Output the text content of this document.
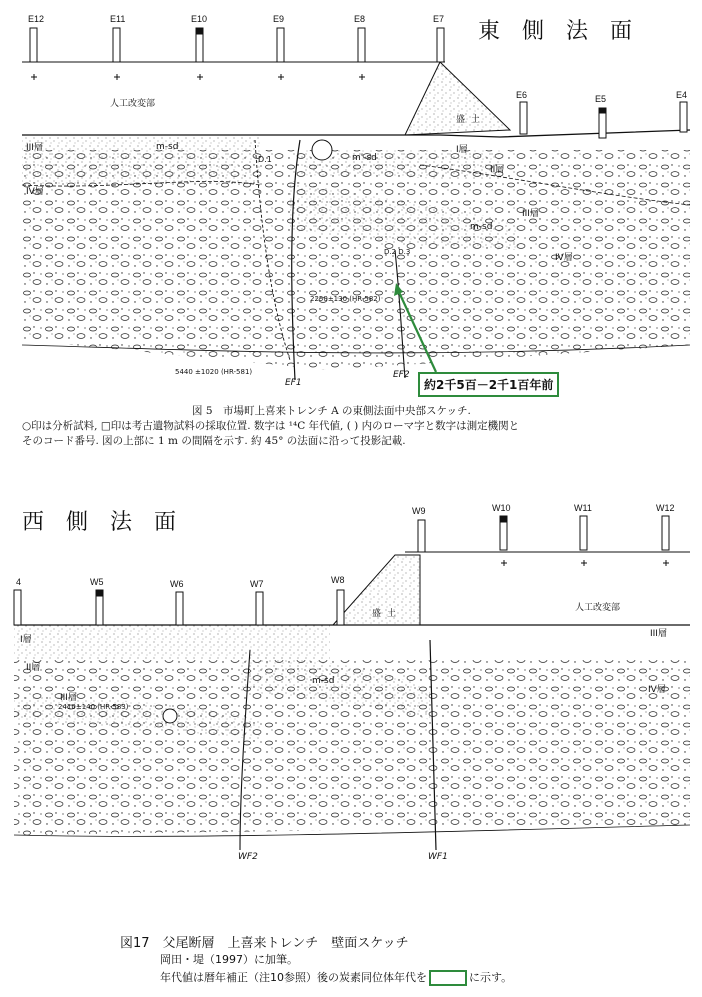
E12	E11	E10	E9	E8	E7
E6	E5	E4
東側法面
人工改変部
盛土
III層
IV層
I層
II層
III層
IV層
m-sd
m'-sd
m-sd
D.1
D.2 D.3
2250±130 (HR-582)
5440 ±1020 (HR-581)
EF1
EF2
約2千5百－2千1百年前
図 5　市場町上喜来トレンチ A の東側法面中央部スケッチ.
○印は分析試料, □印は考古遺物試料の採取位置. 数字は ¹⁴C 年代値, ( ) 内のローマ字と数字は測定機関と
そのコード番号. 図の上部に 1 m の間隔を示す. 約 45° の法面に沿って投影記載.
西側法面
4	W5	W6	W7	W8
W9	W10	W11	W12
人工改変部
盛土
I層
II層
III層
III層
IV層
m-sd
2410±140 (HR-583)
WF2	WF1
図17　父尾断層　上喜来トレンチ　壁面スケッチ
岡田・堤（1997）に加筆。
年代値は暦年補正（注10参照）後の炭素同位体年代を	に示す。
